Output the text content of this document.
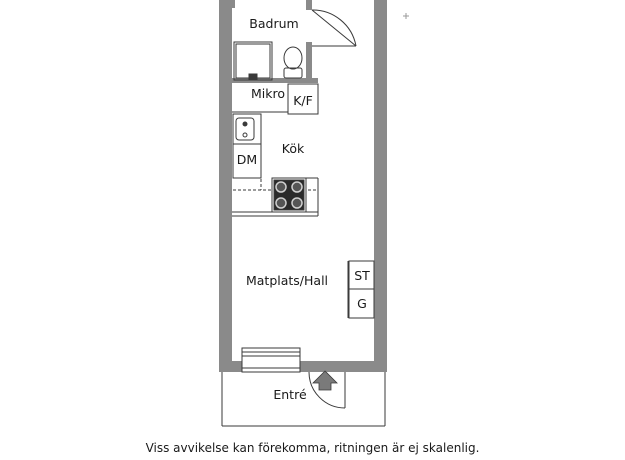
Badrum
Mikro K/F
Kök
DM
Matplats/Hall ST
G
Entré
Viss avvikelse kan förekomma, ritningen är ej skalenlig.
